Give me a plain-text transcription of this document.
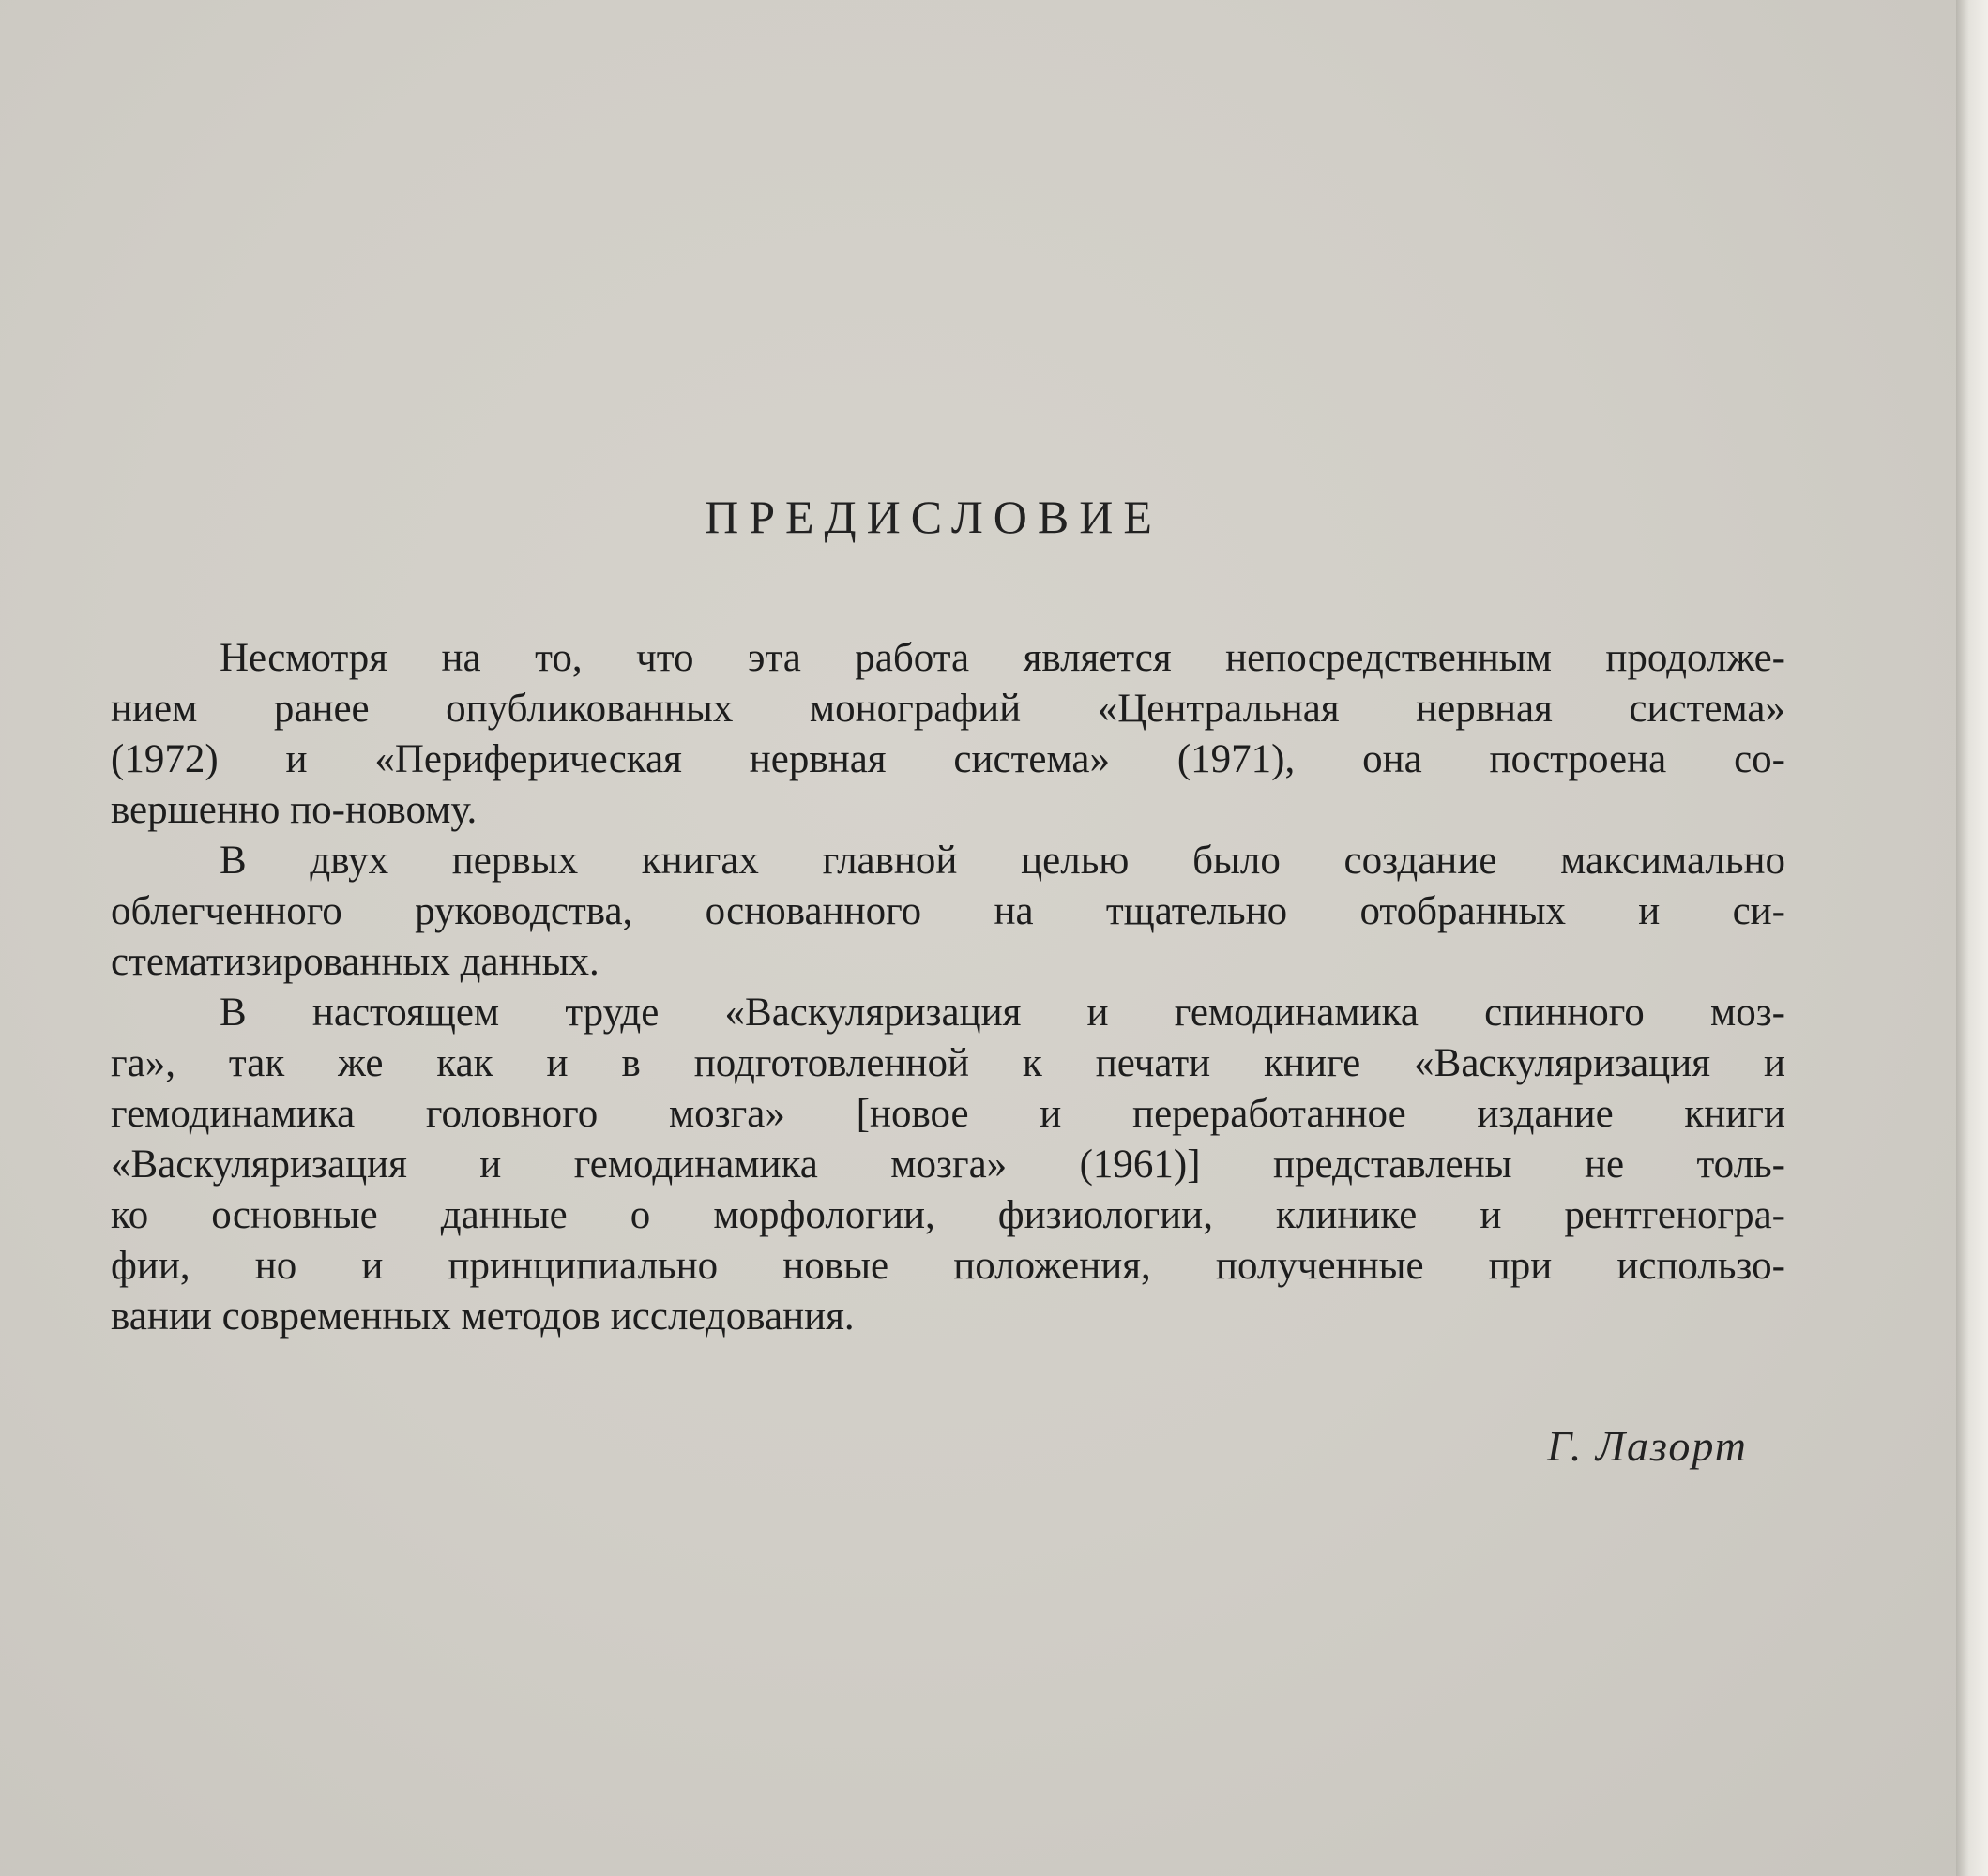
ПРЕДИСЛОВИЕ
Несмотря на то, что эта работа является непосредственным продолже-
нием ранее опубликованных монографий «Центральная нервная система»
(1972) и «Периферическая нервная система» (1971), она построена со-
вершенно по-новому.
В двух первых книгах главной целью было создание максимально
облегченного руководства, основанного на тщательно отобранных и си-
стематизированных данных.
В настоящем труде «Васкуляризация и гемодинамика спинного моз-
га», так же как и в подготовленной к печати книге «Васкуляризация и
гемодинамика головного мозга» [новое и переработанное издание книги
«Васкуляризация и гемодинамика мозга» (1961)] представлены не толь-
ко основные данные о морфологии, физиологии, клинике и рентгеногра-
фии, но и принципиально новые положения, полученные при использо-
вании современных методов исследования.
Г. Лазорт
